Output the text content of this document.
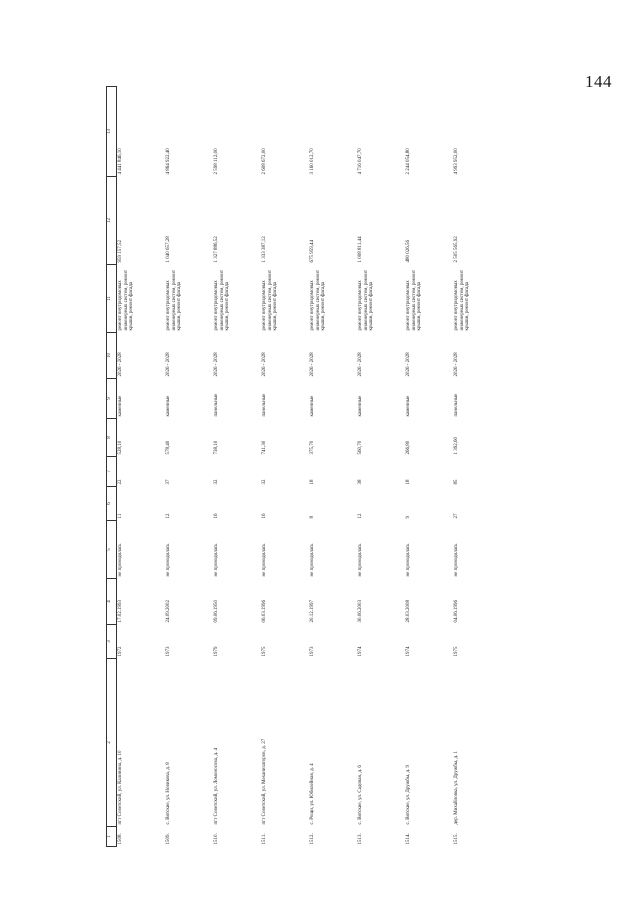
144
1	2	3	4	5	6	7	8	9	10	11	12	13
1508.	пгт Советский, ул. Калинина, д. 10	1972	17.02.1993	не проводилась	11	22	528,10	каменные	2026 - 2028	ремонт внутридомовых инженерных систем, ремонт крыши, ремонт фасада	959 157,52	4 441 846,10
1509.	с. Вятские, ул. Новикова, д. 8	1973	24.09.2002	не проводилась	12	37	578,40	каменные	2026 - 2028	ремонт внутридомовых инженерных систем, ремонт крыши, ремонт фасада	1 040 657,28	4 864 922,40
1510.	пгт Советский, ул. Ломоносова, д. 4	1979	09.06.1950	не проводилась	16	32	738,10	панельные	2026 - 2028	ремонт внутридомовых инженерных систем, ремонт крыши, ремонт фасада	1 327 886,52	2 598 112,00
1511.	пгт Советский, ул. Механизаторов, д. 27	1975	06.03.1996	не проводилась	16	32	741,30	панельные	2026 - 2028	ремонт внутридомовых инженерных систем, ремонт крыши, ремонт фасада	1 333 387,12	2 608 672,00
1512.	с. Рощи, ул. Юбилейная, д. 4	1973	20.12.1997	не проводилась	8	18	375,70	каменные	2026 - 2028	ремонт внутридомовых инженерных систем, ремонт крыши, ремонт фасада	675 959,44	3 160 012,70
1513.	с. Вятские, ул. Садовая, д. 6	1974	30.06.2003	не проводилась	12	38	560,70	каменные	2026 - 2028	ремонт внутридомовых инженерных систем, ремонт крыши, ремонт фасада	1 008 811,44	4 716 047,70
1514.	с. Вятские, ул. Дружбы, д. 9	1974	28.03.2008	не проводилась	9	18	266,80	каменные	2026 - 2028	ремонт внутридомовых инженерных систем, ремонт крыши, ремонт фасада	480 026,56	2 244 054,80
1515.	дер. Михайловка, ул. Дружбы, д. 1	1975	04.06.1996	не проводилась	27	85	1 392,60	панельные	2026 - 2028	ремонт внутридомовых инженерных систем, ремонт крыши, ремонт фасада	2 505 565,92	4 993 952,00
